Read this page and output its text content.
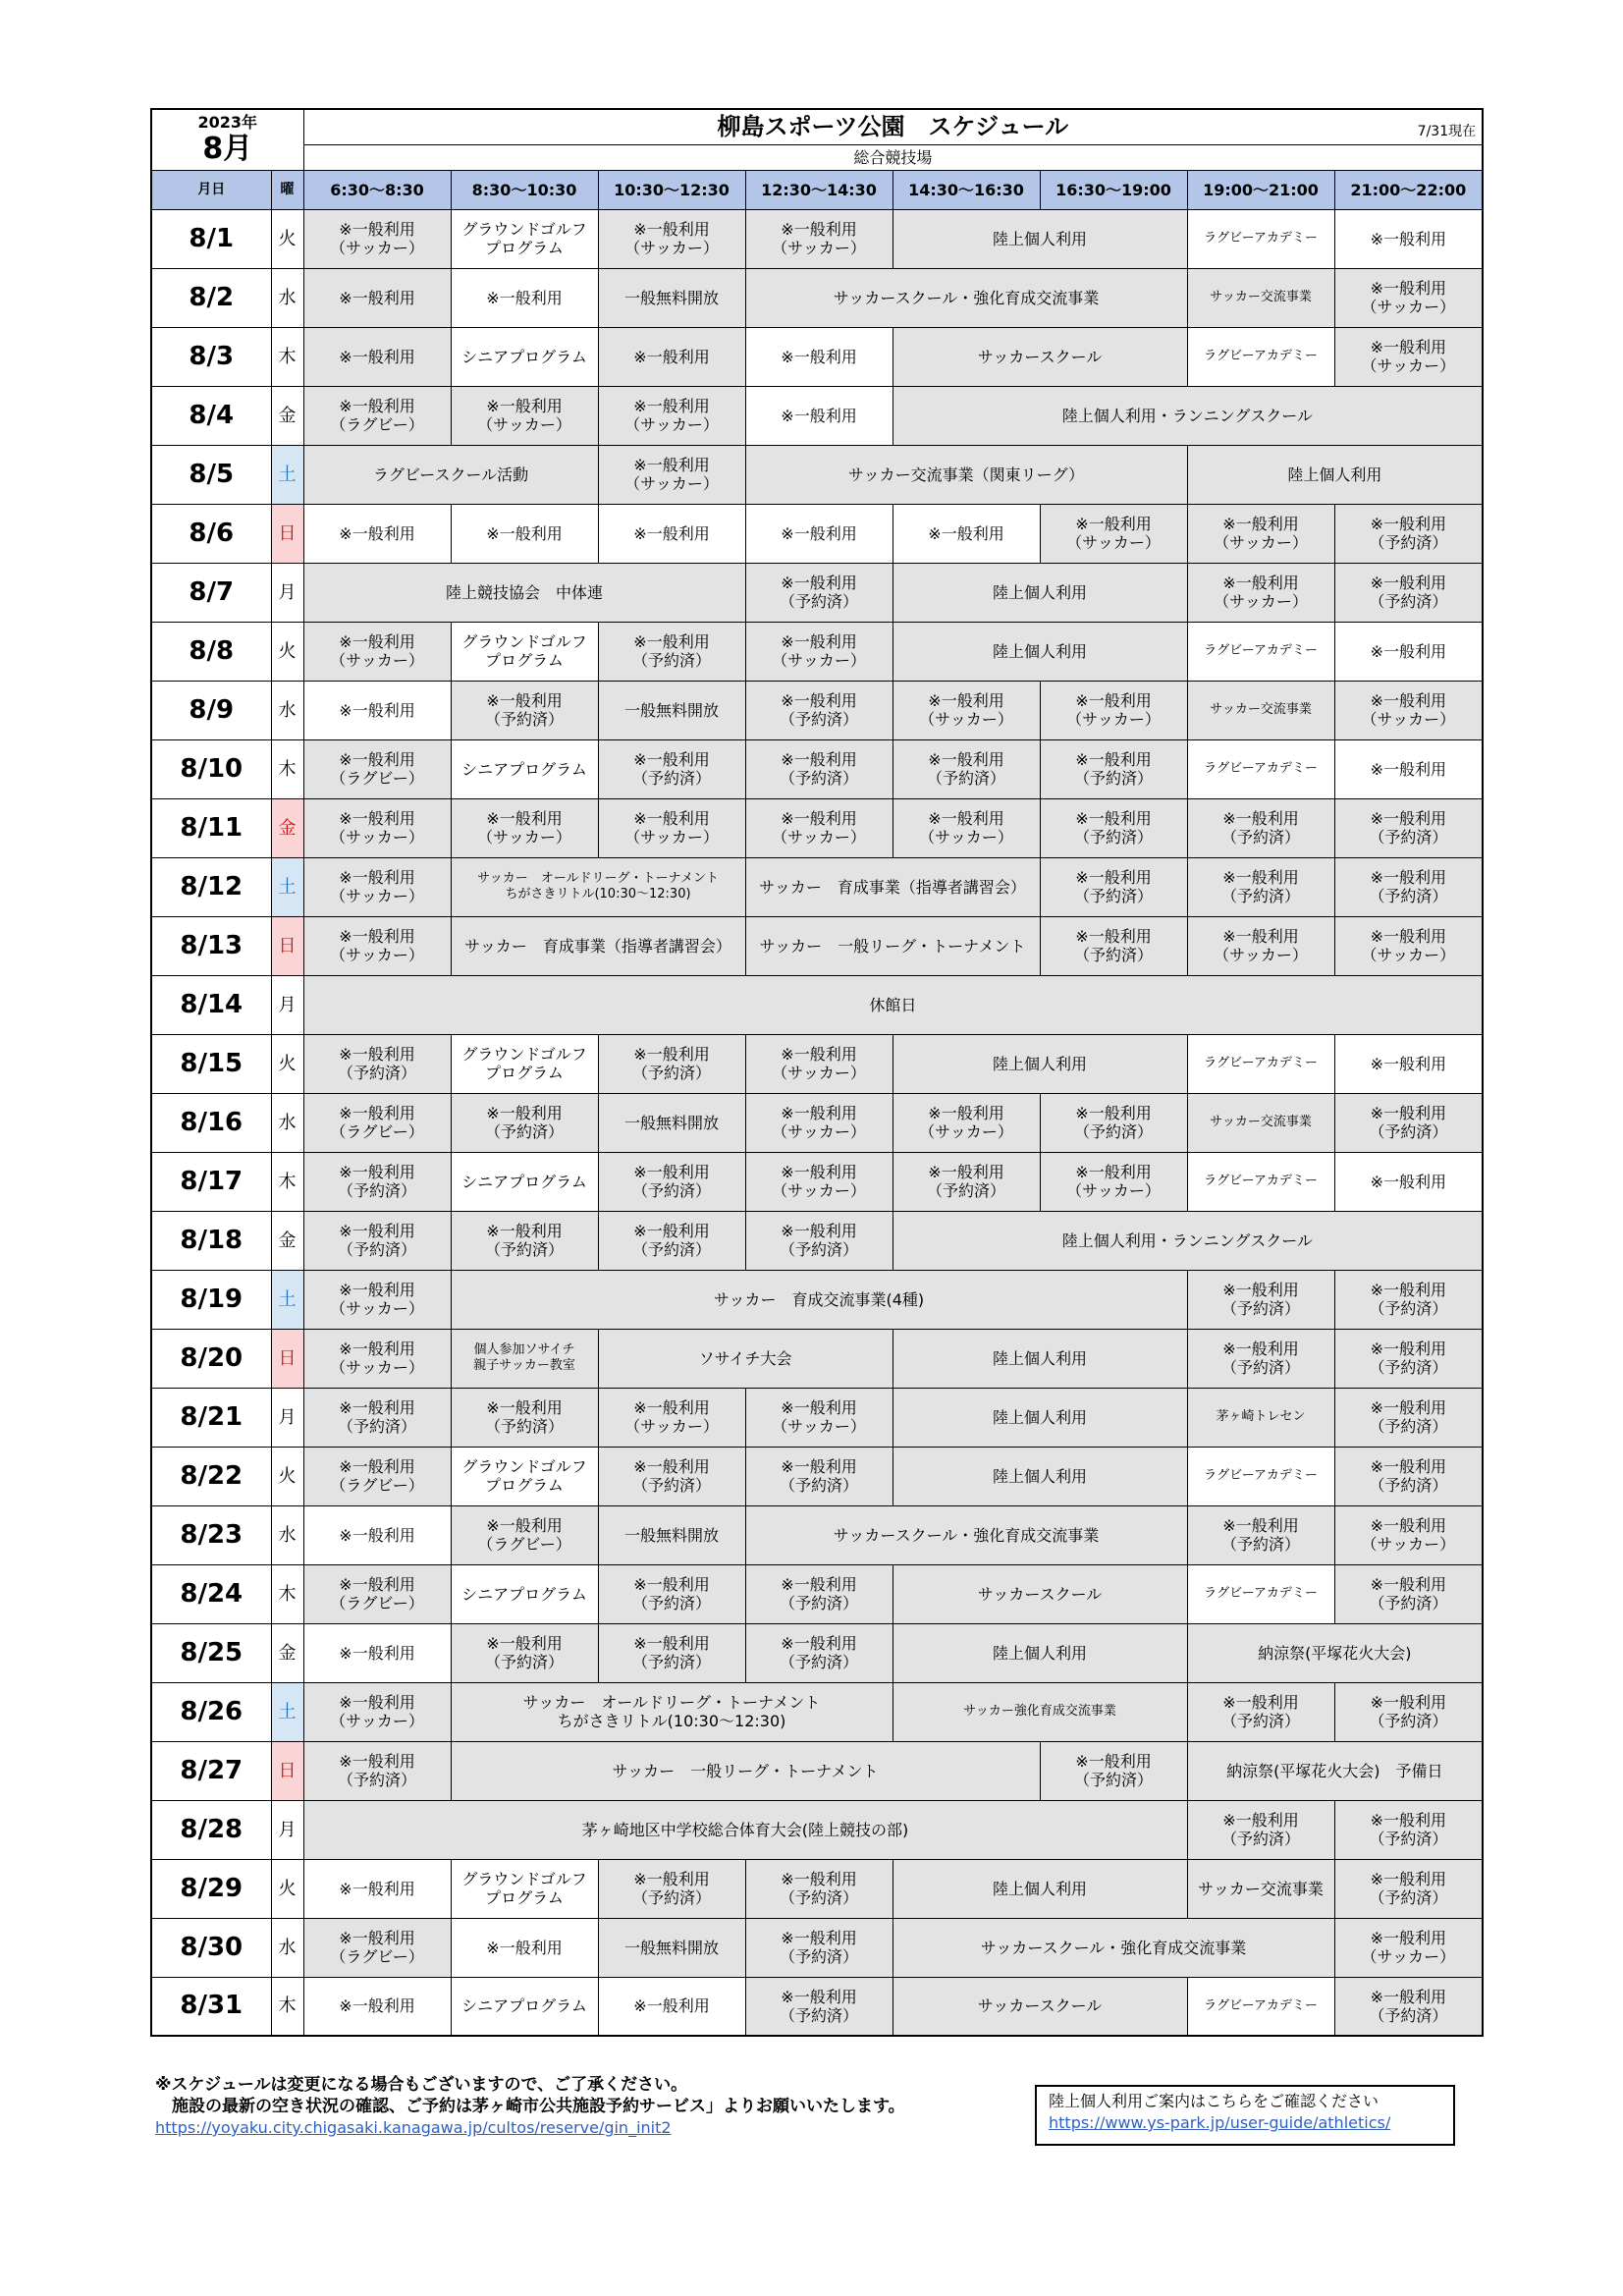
2023年
8月		柳島スポーツ公園　スケジュール 7/31現在							

		総合競技場							
月日	曜	6:30〜8:30	8:30〜10:30	10:30〜12:30	12:30〜14:30	14:30〜16:30	16:30〜19:00	19:00〜21:00	21:00〜22:00
8/1	火	※一般利用
（サッカー）	グラウンドゴルフ
プログラム	※一般利用
（サッカー）	※一般利用
（サッカー）	陸上個人利用		ラグビーアカデミー	※一般利用
8/2	水	※一般利用	※一般利用	一般無料開放	サッカースクール・強化育成交流事業			サッカー交流事業	※一般利用
（サッカー）
8/3	木	※一般利用	シニアプログラム	※一般利用	※一般利用	サッカースクール		ラグビーアカデミー	※一般利用
（サッカー）
8/4	金	※一般利用
（ラグビー）	※一般利用
（サッカー）	※一般利用
（サッカー）	※一般利用	陸上個人利用・ランニングスクール			
8/5	土	ラグビースクール活動		※一般利用
（サッカー）	サッカー交流事業（関東リーグ）			陸上個人利用	
8/6	日	※一般利用	※一般利用	※一般利用	※一般利用	※一般利用	※一般利用
（サッカー）	※一般利用
（サッカー）	※一般利用
（予約済）
8/7	月	陸上競技協会　中体連			※一般利用
（予約済）	陸上個人利用		※一般利用
（サッカー）	※一般利用
（予約済）
8/8	火	※一般利用
（サッカー）	グラウンドゴルフ
プログラム	※一般利用
（予約済）	※一般利用
（サッカー）	陸上個人利用		ラグビーアカデミー	※一般利用
8/9	水	※一般利用	※一般利用
（予約済）	一般無料開放	※一般利用
（予約済）	※一般利用
（サッカー）	※一般利用
（サッカー）	サッカー交流事業	※一般利用
（サッカー）
8/10	木	※一般利用
（ラグビー）	シニアプログラム	※一般利用
（予約済）	※一般利用
（予約済）	※一般利用
（予約済）	※一般利用
（予約済）	ラグビーアカデミー	※一般利用
8/11	金	※一般利用
（サッカー）	※一般利用
（サッカー）	※一般利用
（サッカー）	※一般利用
（サッカー）	※一般利用
（サッカー）	※一般利用
（予約済）	※一般利用
（予約済）	※一般利用
（予約済）
8/12	土	※一般利用
（サッカー）	サッカー　オールドリーグ・トーナメント
ちがさきリトル(10:30〜12:30)		サッカー　育成事業（指導者講習会）		※一般利用
（予約済）	※一般利用
（予約済）	※一般利用
（予約済）
8/13	日	※一般利用
（サッカー）	サッカー　育成事業（指導者講習会）		サッカー　一般リーグ・トーナメント		※一般利用
（予約済）	※一般利用
（サッカー）	※一般利用
（サッカー）
8/14	月	休館日							
8/15	火	※一般利用
（予約済）	グラウンドゴルフ
プログラム	※一般利用
（予約済）	※一般利用
（サッカー）	陸上個人利用		ラグビーアカデミー	※一般利用
8/16	水	※一般利用
（ラグビー）	※一般利用
（予約済）	一般無料開放	※一般利用
（サッカー）	※一般利用
（サッカー）	※一般利用
（予約済）	サッカー交流事業	※一般利用
（予約済）
8/17	木	※一般利用
（予約済）	シニアプログラム	※一般利用
（予約済）	※一般利用
（サッカー）	※一般利用
（予約済）	※一般利用
（サッカー）	ラグビーアカデミー	※一般利用
8/18	金	※一般利用
（予約済）	※一般利用
（予約済）	※一般利用
（予約済）	※一般利用
（予約済）	陸上個人利用・ランニングスクール			
8/19	土	※一般利用
（サッカー）	サッカー　育成交流事業(4種)					※一般利用
（予約済）	※一般利用
（予約済）
8/20	日	※一般利用
（サッカー）	個人参加ソサイチ
親子サッカー教室	ソサイチ大会		陸上個人利用		※一般利用
（予約済）	※一般利用
（予約済）
8/21	月	※一般利用
（予約済）	※一般利用
（予約済）	※一般利用
（サッカー）	※一般利用
（サッカー）	陸上個人利用		茅ヶ崎トレセン	※一般利用
（予約済）
8/22	火	※一般利用
（ラグビー）	グラウンドゴルフ
プログラム	※一般利用
（予約済）	※一般利用
（予約済）	陸上個人利用		ラグビーアカデミー	※一般利用
（予約済）
8/23	水	※一般利用	※一般利用
（ラグビー）	一般無料開放	サッカースクール・強化育成交流事業			※一般利用
（予約済）	※一般利用
（サッカー）
8/24	木	※一般利用
（ラグビー）	シニアプログラム	※一般利用
（予約済）	※一般利用
（予約済）	サッカースクール		ラグビーアカデミー	※一般利用
（予約済）
8/25	金	※一般利用	※一般利用
（予約済）	※一般利用
（予約済）	※一般利用
（予約済）	陸上個人利用		納涼祭(平塚花火大会)	
8/26	土	※一般利用
（サッカー）	サッカー　オールドリーグ・トーナメント
ちがさきリトル(10:30〜12:30)			サッカー強化育成交流事業		※一般利用
（予約済）	※一般利用
（予約済）
8/27	日	※一般利用
（予約済）	サッカー　一般リーグ・トーナメント				※一般利用
（予約済）	納涼祭(平塚花火大会)　予備日	
8/28	月	茅ヶ崎地区中学校総合体育大会(陸上競技の部)						※一般利用
（予約済）	※一般利用
（予約済）
8/29	火	※一般利用	グラウンドゴルフ
プログラム	※一般利用
（予約済）	※一般利用
（予約済）	陸上個人利用		サッカー交流事業	※一般利用
（予約済）
8/30	水	※一般利用
（ラグビー）	※一般利用	一般無料開放	※一般利用
（予約済）	サッカースクール・強化育成交流事業			※一般利用
（サッカー）
8/31	木	※一般利用	シニアプログラム	※一般利用	※一般利用
（予約済）	サッカースクール		ラグビーアカデミー	※一般利用
（予約済）
※スケジュールは変更になる場合もございますので、ご了承ください。
　施設の最新の空き状況の確認、ご予約は茅ヶ崎市公共施設予約サービス」よりお願いいたします。
https://yoyaku.city.chigasaki.kanagawa.jp/cultos/reserve/gin_init2
陸上個人利用ご案内はこちらをご確認ください
https://www.ys-park.jp/user-guide/athletics/
